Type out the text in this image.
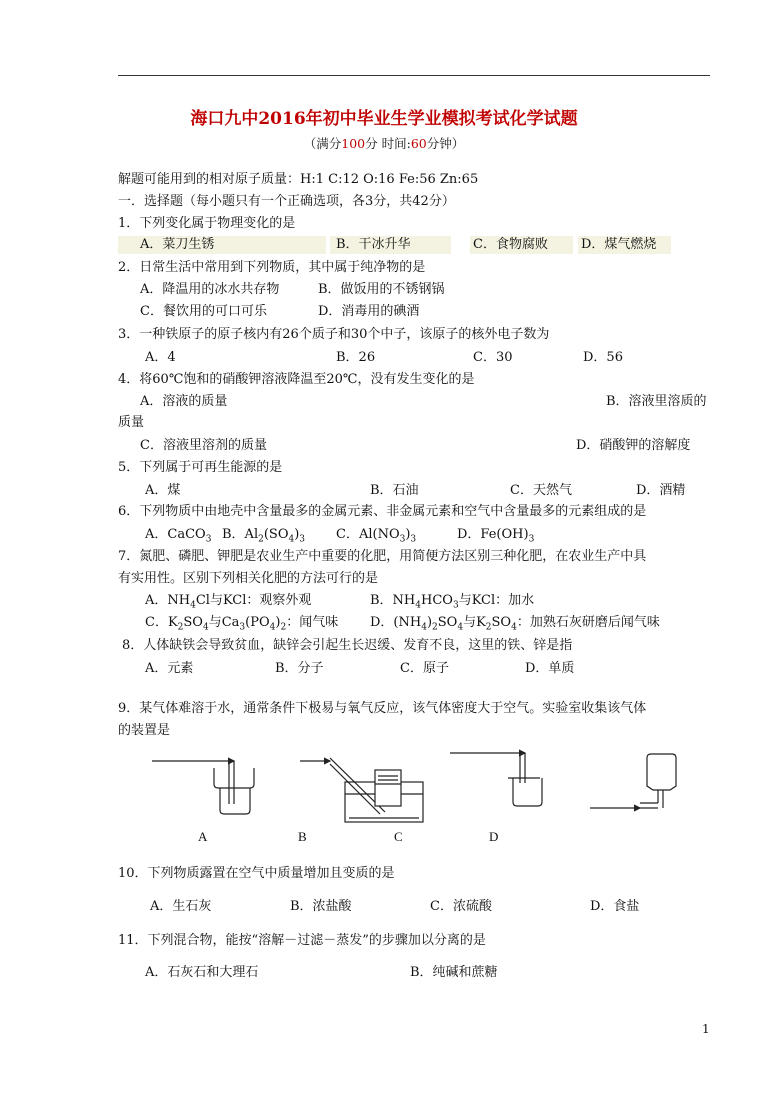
海口九中2016年初中毕业生学业模拟考试化学试题
（满分100分 时间:60分钟）
解题可能用到的相对原子质量：H:1 C:12 O:16 Fe:56 Zn:65
一．选择题（每小题只有一个正确选项，各3分，共42分）
1．下列变化属于物理变化的是
A．菜刀生锈	B．干冰升华	C．食物腐败	D．煤气燃烧
2．日常生活中常用到下列物质，其中属于纯净物的是
A．降温用的冰水共存物	B．做饭用的不锈钢锅
C．餐饮用的可口可乐	D．消毒用的碘酒
3．一种铁原子的原子核内有26个质子和30个中子，该原子的核外电子数为
A．4	B．26	C．30	D．56
4．将60℃饱和的硝酸钾溶液降温至20℃，没有发生变化的是
A．溶液的质量	B．溶液里溶质的
质量
C．溶液里溶剂的质量	D．硝酸钾的溶解度
5．下列属于可再生能源的是
A．煤	B．石油	C．天然气	D．酒精
6．下列物质中由地壳中含量最多的金属元素、非金属元素和空气中含量最多的元素组成的是
A．CaCO$_3$ B．$Al_2(SO_4)_3$ C．$Al(NO_3)_3$	D．$Fe(OH)_3$
7．氮肥、磷肥、钾肥是农业生产中重要的化肥，用简便方法区别三种化肥，在农业生产中具
有实用性。区别下列相关化肥的方法可行的是
A．$NH_4Cl$与KCl：观察外观	B．$NH_4HCO_3$与KCl：加水
C．$K_2SO_4$与$Ca_3(PO_4)_2$：闻气味 D．$(NH_4)_2SO_4$与$K_2SO_4$：加熟石灰研磨后闻气味
8．人体缺铁会导致贫血，缺锌会引起生长迟缓、发育不良，这里的铁、锌是指
A．元素	B．分子	C．原子	D．单质
9．某气体难溶于水，通常条件下极易与氧气反应，该气体密度大于空气。实验室收集该气体
的装置是
A	B	C	D
10．下列物质露置在空气中质量增加且变质的是
A．生石灰	B．浓盐酸	C．浓硫酸	D．食盐
11．下列混合物，能按“溶解－过滤－蒸发”的步骤加以分离的是
A．石灰石和大理石	B．纯碱和蔗糖
1
